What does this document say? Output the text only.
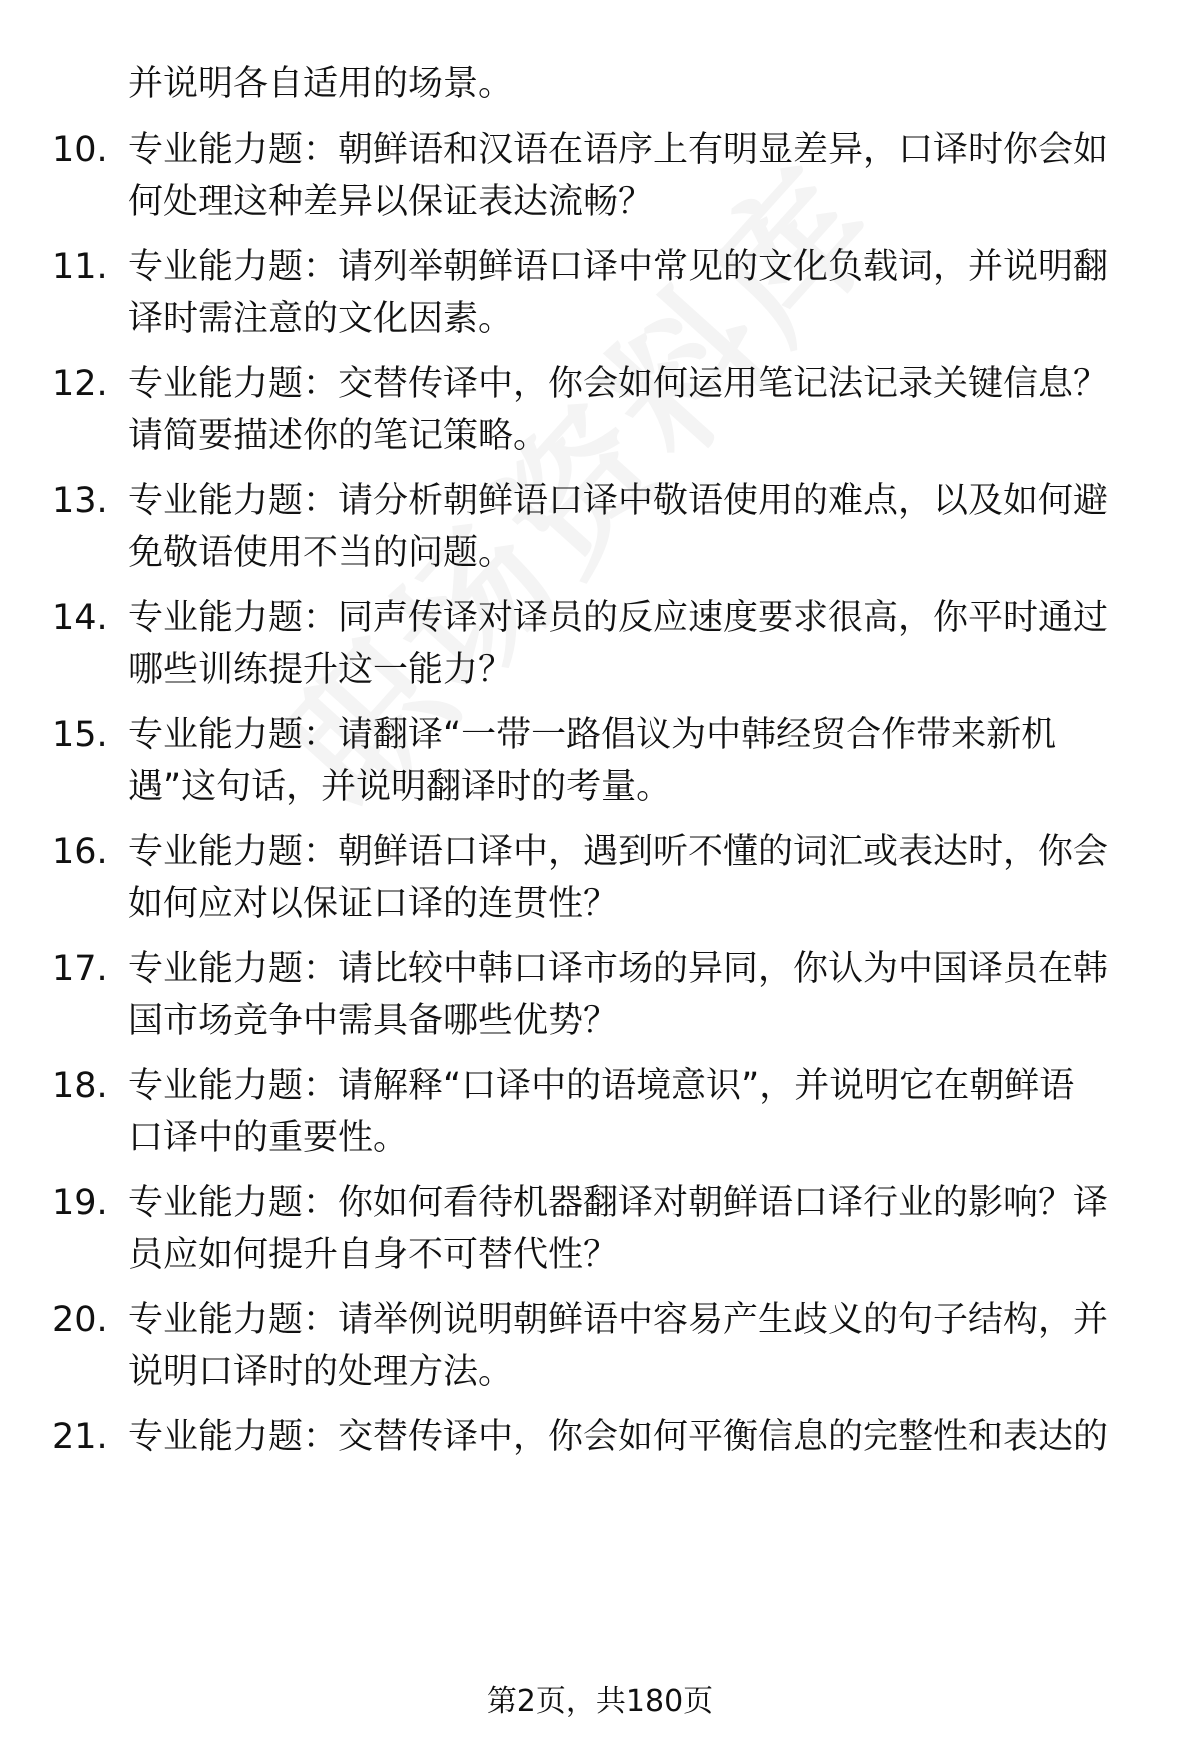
并说明各自适用的场景。
10. 专业能力题：朝鲜语和汉语在语序上有明显差异，口译时你会如
何处理这种差异以保证表达流畅？
11. 专业能力题：请列举朝鲜语口译中常见的文化负载词，并说明翻
译时需注意的文化因素。
12. 专业能力题：交替传译中，你会如何运用笔记法记录关键信息？
请简要描述你的笔记策略。
13. 专业能力题：请分析朝鲜语口译中敬语使用的难点，以及如何避
免敬语使用不当的问题。
14. 专业能力题：同声传译对译员的反应速度要求很高，你平时通过
哪些训练提升这一能力？
15. 专业能力题：请翻译“一带一路倡议为中韩经贸合作带来新机
遇”这句话，并说明翻译时的考量。
16. 专业能力题：朝鲜语口译中，遇到听不懂的词汇或表达时，你会
如何应对以保证口译的连贯性？
17. 专业能力题：请比较中韩口译市场的异同，你认为中国译员在韩
国市场竞争中需具备哪些优势？
18. 专业能力题：请解释“口译中的语境意识”，并说明它在朝鲜语
口译中的重要性。
19. 专业能力题：你如何看待机器翻译对朝鲜语口译行业的影响？译
员应如何提升自身不可替代性？
20. 专业能力题：请举例说明朝鲜语中容易产生歧义的句子结构，并
说明口译时的处理方法。
21. 专业能力题：交替传译中，你会如何平衡信息的完整性和表达的
第2页，共180页
